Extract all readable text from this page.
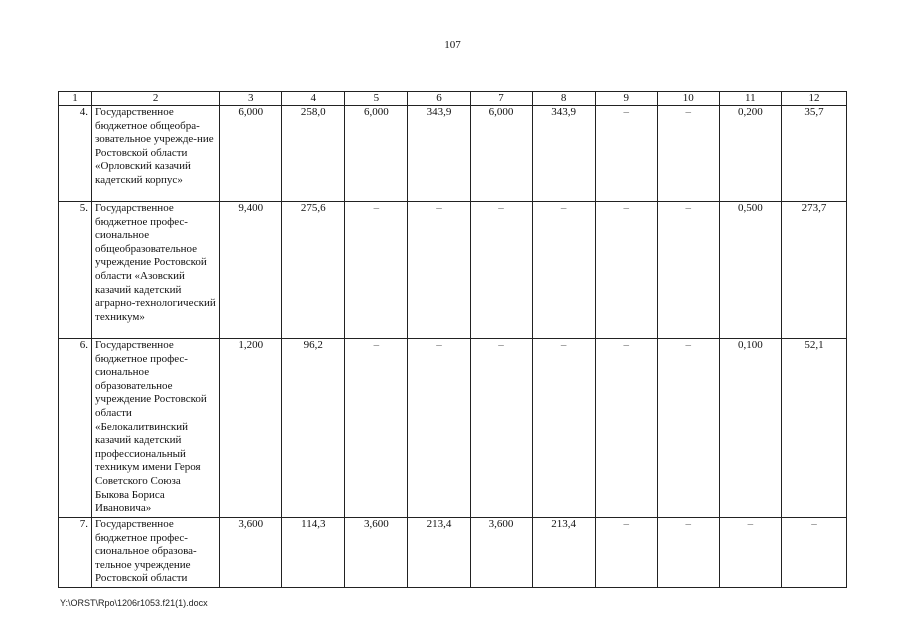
107
1	2	3	4	5	6	7	8	9	10	11	12
4.	Государственное бюджетное общеобра-зовательное учрежде-ние Ростовской области «Орловский казачий кадетский корпус»	6,000	258,0	6,000	343,9	6,000	343,9	–	–	0,200	35,7
5.	Государственное бюджетное профес-сиональное общеобразовательное учреждение Ростовской области «Азовский казачий кадетский аграрно-технологический техникум»	9,400	275,6	–	–	–	–	–	–	0,500	273,7
6.	Государственное бюджетное профес-сиональное образовательное учреждение Ростовской области «Белокалитвинский казачий кадетский профессиональный техникум имени Героя Советского Союза Быкова Бориса Ивановича»	1,200	96,2	–	–	–	–	–	–	0,100	52,1
7.	Государственное бюджетное профес-сиональное образова-тельное учреждение Ростовской области	3,600	114,3	3,600	213,4	3,600	213,4	–	–	–	–
Y:\ORST\Rpo\1206r1053.f21(1).docx
